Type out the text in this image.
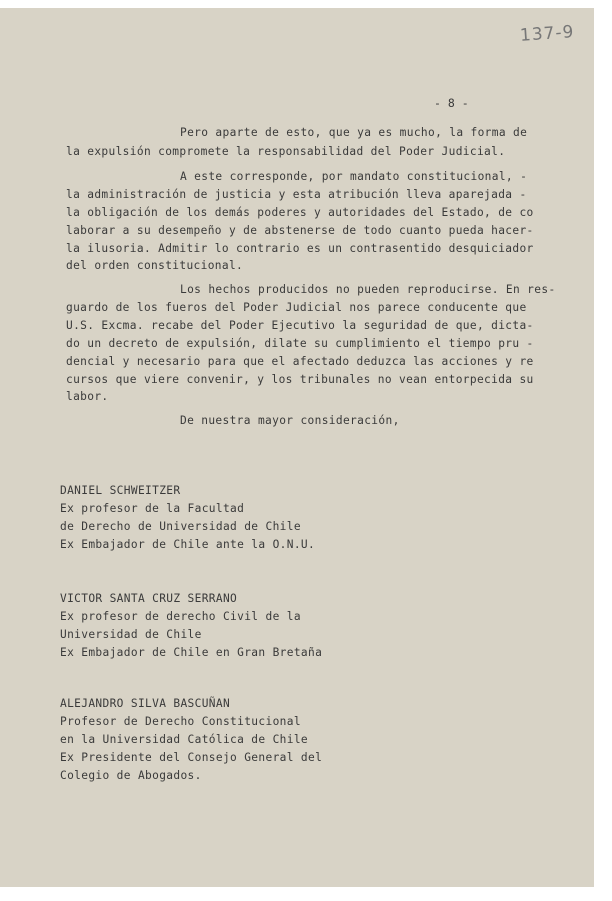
137-9
- 8 -
Pero aparte de esto, que ya es mucho, la forma de
la expulsión compromete la responsabilidad del Poder Judicial.
A este corresponde, por mandato constitucional, -
la administración de justicia y esta atribución lleva aparejada -
la obligación de los demás poderes y autoridades del Estado, de co
laborar a su desempeño y de abstenerse de todo cuanto pueda hacer-
la ilusoria. Admitir lo contrario es un contrasentido desquiciador
del orden constitucional.
Los hechos producidos no pueden reproducirse. En res-
guardo de los fueros del Poder Judicial nos parece conducente que
U.S. Excma. recabe del Poder Ejecutivo la seguridad de que, dicta-
do un decreto de expulsión, dilate su cumplimiento el tiempo pru -
dencial y necesario para que el afectado deduzca las acciones y re
cursos que viere convenir, y los tribunales no vean entorpecida su
labor.
De nuestra mayor consideración,
DANIEL SCHWEITZER
Ex profesor de la Facultad
de Derecho de Universidad de Chile
Ex Embajador de Chile ante la O.N.U.
VICTOR SANTA CRUZ SERRANO
Ex profesor de derecho Civil de la
Universidad de Chile
Ex Embajador de Chile en Gran Bretaña
ALEJANDRO SILVA BASCUÑAN
Profesor de Derecho Constitucional
en la Universidad Católica de Chile
Ex Presidente del Consejo General del
Colegio de Abogados.
